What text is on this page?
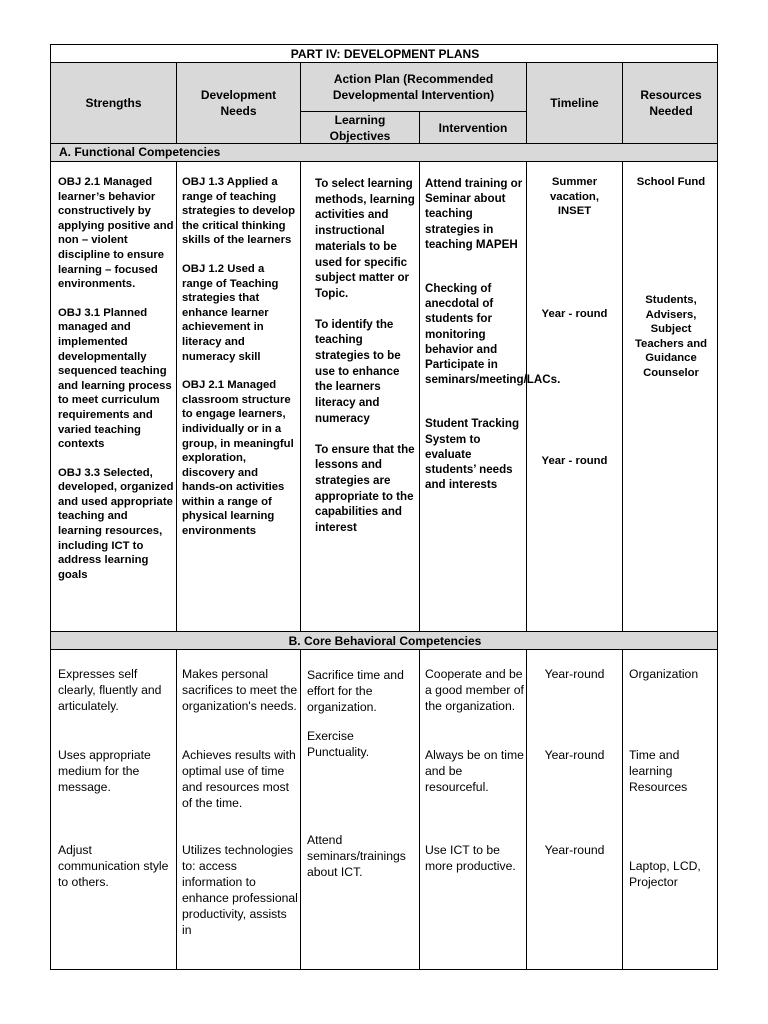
PART IV: DEVELOPMENT PLANS
Strengths
Development Needs
Action Plan (Recommended Developmental Intervention)
Learning Objectives
Intervention
Timeline
Resources Needed
A. Functional Competencies

OBJ 2.1 Managed learner’s behavior constructively by applying positive and non – violent discipline to ensure learning – focused environments.

OBJ 3.1 Planned managed and implemented developmentally sequenced teaching and learning process to meet curriculum requirements and varied teaching contexts

OBJ 3.3 Selected, developed, organized and used appropriate teaching and learning resources, including ICT to address learning goals

OBJ 1.3 Applied a range of teaching strategies to develop the critical thinking skills of the learners

OBJ 1.2 Used a range of Teaching strategies that enhance learner achievement in literacy and numeracy skill

OBJ 2.1 Managed classroom structure to engage learners, individually or in a group, in meaningful exploration, discovery and hands-on activities within a range of physical learning environments

To select learning methods, learning activities and instructional materials to be used for specific subject matter or Topic.

To identify the teaching strategies to be use to enhance the learners literacy and numeracy

To ensure that the lessons and strategies are appropriate to the capabilities and interest

Attend training or Seminar about teaching strategies in teaching MAPEH

Checking of anecdotal of students for monitoring behavior and Participate in seminars/meeting/LACs.

Student Tracking System to evaluate students’ needs and interests

Summer vacation, INSET
Year - round
Year - round
School Fund
Students, Advisers, Subject Teachers and Guidance Counselor
B. Core Behavioral Competencies
Expresses self clearly, fluently and articulately.
Uses appropriate medium for the message.
Adjust communication style to others.
Makes personal sacrifices to meet the organization's needs.
Achieves results with optimal use of time and resources most of the time.
Utilizes technologies to: access information to enhance professional productivity, assists in
Sacrifice time and effort for the organization.
Exercise Punctuality.
Attend seminars/trainings about ICT.
Cooperate and be a good member of the organization.
Always be on time and be resourceful.
Use ICT to be more productive.
Year-round
Year-round
Year-round
Organization
Time and learning Resources
Laptop, LCD, Projector
